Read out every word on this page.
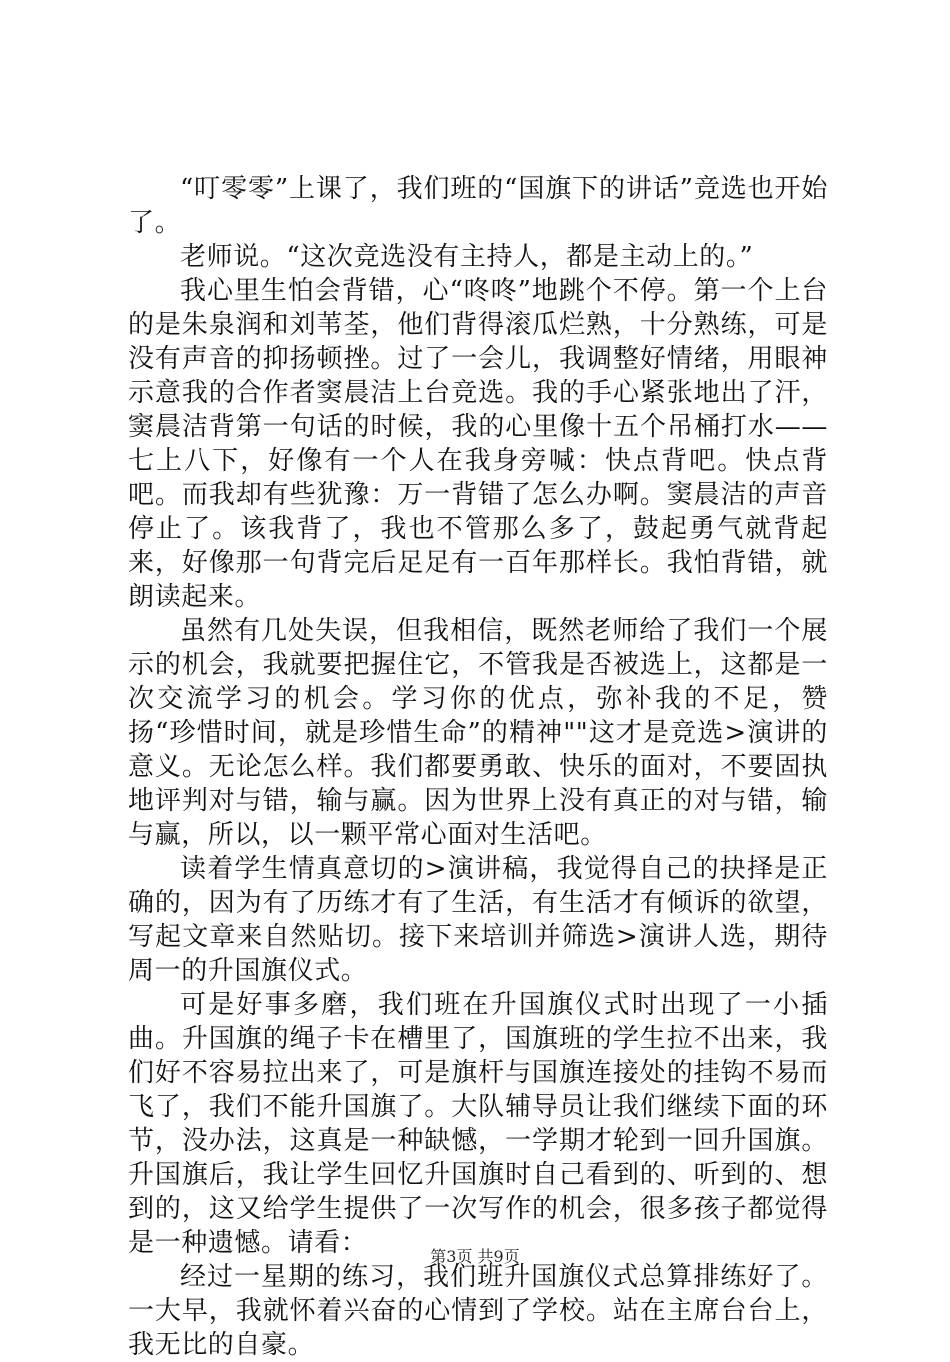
“叮零零”上课了，我们班的“国旗下的讲话”竞选也开始了。

老师说。“这次竞选没有主持人，都是主动上的。”

我心里生怕会背错，心“咚咚”地跳个不停。第一个上台的是朱泉润和刘苇荃，他们背得滚瓜烂熟，十分熟练，可是没有声音的抑扬顿挫。过了一会儿，我调整好情绪，用眼神示意我的合作者窦晨洁上台竞选。我的手心紧张地出了汗，窦晨洁背第一句话的时候，我的心里像十五个吊桶打水——七上八下，好像有一个人在我身旁喊：快点背吧。快点背吧。而我却有些犹豫：万一背错了怎么办啊。窦晨洁的声音停止了。该我背了，我也不管那么多了，鼓起勇气就背起来，好像那一句背完后足足有一百年那样长。我怕背错，就朗读起来。

虽然有几处失误，但我相信，既然老师给了我们一个展示的机会，我就要把握住它，不管我是否被选上，这都是一次交流学习的机会。学习你的优点，弥补我的不足，赞扬“珍惜时间，就是珍惜生命”的精神""这才是竞选>演讲的意义。无论怎么样。我们都要勇敢、快乐的面对，不要固执地评判对与错，输与赢。因为世界上没有真正的对与错，输与赢，所以，以一颗平常心面对生活吧。

读着学生情真意切的>演讲稿，我觉得自己的抉择是正确的，因为有了历练才有了生活，有生活才有倾诉的欲望，写起文章来自然贴切。接下来培训并筛选>演讲人选，期待周一的升国旗仪式。

可是好事多磨，我们班在升国旗仪式时出现了一小插曲。升国旗的绳子卡在槽里了，国旗班的学生拉不出来，我们好不容易拉出来了，可是旗杆与国旗连接处的挂钩不易而飞了，我们不能升国旗了。大队辅导员让我们继续下面的环节，没办法，这真是一种缺憾，一学期才轮到一回升国旗。升国旗后，我让学生回忆升国旗时自己看到的、听到的、想到的，这又给学生提供了一次写作的机会，很多孩子都觉得是一种遗憾。请看：

经过一星期的练习，我们班升国旗仪式总算排练好了。一大早，我就怀着兴奋的心情到了学校。站在主席台台上，我无比的自豪。

第3页 共9页
